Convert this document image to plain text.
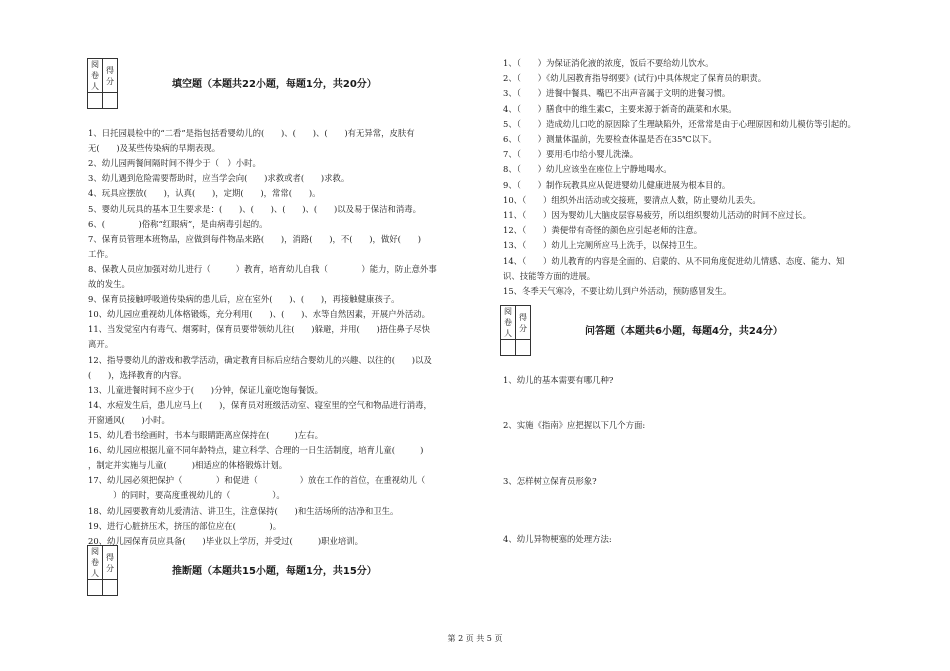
阅卷人	得分
		填空题（本题共22小题，每题1分，共20分）
1、日托园晨检中的“二看”是指包括看婴幼儿的(　　)、(　　)、(　　)有无异常，皮肤有
无(　　)及某些传染病的早期表现。
2、幼儿园两餐间隔时间不得少于（　）小时。
3、幼儿遇到危险需要帮助时，应当学会向(　　)求救或者(　　)求救。
4、玩具应摆放(　　)，认真(　　)，定期(　　)，常常(　　)。
5、婴幼儿玩具的基本卫生要求是：(　　)、(　　)、(　　)、(　　)以及易于保洁和消毒。
6、(　　　　)俗称“红眼病”，是由病毒引起的。
7、保育员管理本班物品，应做到每件物品来路(　　)，消路(　　)，不(　　)，做好(　　)
工作。
8、保教人员应加强对幼儿进行（　　　）教育，培育幼儿自我（　　　　）能力，防止意外事
故的发生。
9、保育员接触呼吸道传染病的患儿后，应在室外(　　)、(　　)，再接触健康孩子。
10、幼儿园应重视幼儿体格锻炼，充分利用(　　)、(　　)、水等自然因素，开展户外活动。
11、当发觉室内有毒气、烟雾时，保育员要带领幼儿往(　　)躲避，并用(　　)捂住鼻子尽快
离开。
12、指导婴幼儿的游戏和教学活动，确定教育目标后应结合婴幼儿的兴趣、以往的(　　)以及
(　　)，选择教育的内容。
13、儿童进餐时间不应少于(　　)分钟，保证儿童吃饱每餐饭。
14、水痘发生后，患儿应马上(　　)，保育员对班级活动室、寝室里的空气和物品进行消毒，
开窗通风(　　)小时。
15、幼儿看书绘画时，书本与眼睛距离应保持在(　　　)左右。
16、幼儿园应根据儿童不同年龄特点，建立科学、合理的一日生活制度，培育儿童(　　　)
，制定并实施与儿童(　　　)相适应的体格锻炼计划。
17、幼儿园必须把保护（　　　　）和促进（　　　　　）放在工作的首位，在重视幼儿（
　　　）的同时，要高度重视幼儿的（　　　　　）。
18、幼儿园要教育幼儿爱清洁、讲卫生，注意保持(　　)和生活场所的洁净和卫生。
19、进行心脏挤压术，挤压的部位应在(　　　　)。
20、幼儿园保育员应具备(　　)毕业以上学历，并受过(　　　)职业培训。
阅卷人	得分
		推断题（本题共15小题，每题1分，共15分）
1、（　　）为保证消化液的浓度，饭后不要给幼儿饮水。
2、（　　）《幼儿园教育指导纲要》(试行)中具体规定了保育员的职责。
3、（　　）进餐中餐具、嘴巴不出声音属于文明的进餐习惯。
4、（　　）膳食中的维生素C，主要来源于新奇的蔬菜和水果。
5、（　　）造成幼儿口吃的原因除了生理缺陷外，还常常是由于心理原因和幼儿模仿等引起的。
6、（　　）测量体温前，先要检查体温是否在35℃以下。
7、（　　）要用毛巾给小婴儿洗澡。
8、（　　）幼儿应该坐在座位上宁静地喝水。
9、（　　）制作玩教具应从促进婴幼儿健康进展为根本目的。
10、（　　）组织外出活动或交接班，要清点人数，防止婴幼儿丢失。
11、（　　）因为婴幼儿大脑皮层容易疲劳，所以组织婴幼儿活动的时间不应过长。
12、（　　）粪便带有奇怪的颜色应引起老师的注意。
13、（　　）幼儿上完厕所应马上洗手，以保持卫生。
14、（　　）幼儿教育的内容是全面的、启蒙的、从不同角度促进幼儿情感、态度、能力、知
识、技能等方面的进展。
15、冬季天气寒冷，不要让幼儿到户外活动，预防感冒发生。
阅卷人	得分
		问答题（本题共6小题，每题4分，共24分）
1、幼儿的基本需要有哪几种?
2、实施《指南》应把握以下几个方面:
3、怎样树立保育员形象?
4、幼儿异物梗塞的处理方法:
第 2 页 共 5 页
